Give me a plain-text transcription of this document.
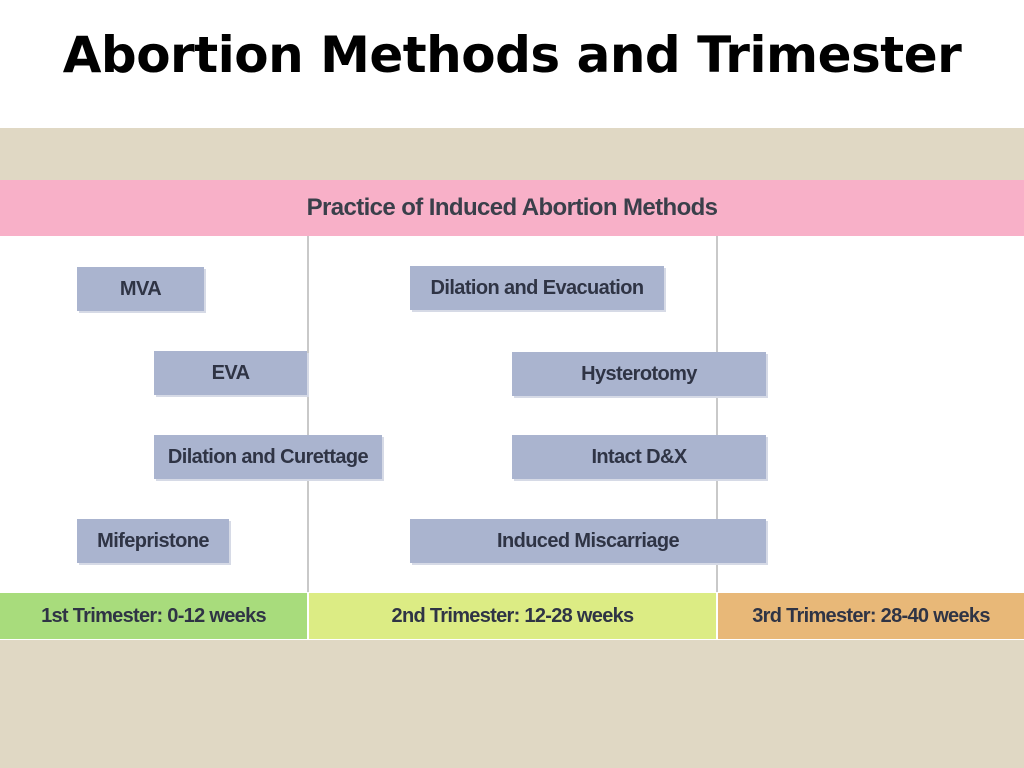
Abortion Methods and Trimester
Practice of Induced Abortion Methods
MVA
EVA
Dilation and Curettage
Mifepristone
Dilation and Evacuation
Hysterotomy
Intact D&X
Induced Miscarriage
1st Trimester: 0-12 weeks	2nd Trimester: 12-28 weeks	3rd Trimester: 28-40 weeks
